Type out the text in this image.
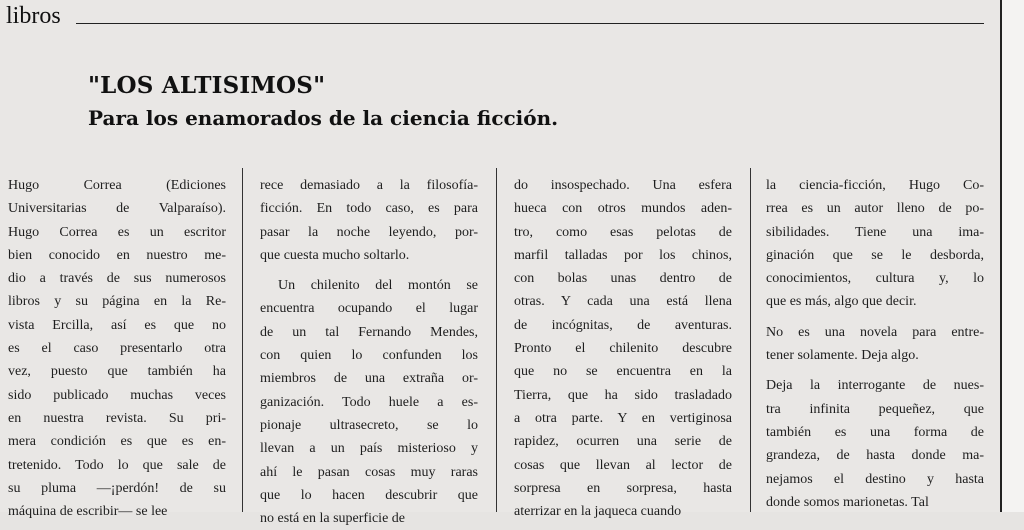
libros
"LOS ALTISIMOS"
Para los enamorados de la ciencia ficción.
Hugo Correa (Ediciones
Universitarias de Valparaíso).
Hugo Correa es un escritor
bien conocido en nuestro me-
dio a través de sus numerosos
libros y su página en la Re-
vista Ercilla, así es que no
es el caso presentarlo otra
vez, puesto que también ha
sido publicado muchas veces
en nuestra revista. Su pri-
mera condición es que es en-
tretenido. Todo lo que sale de
su pluma —¡perdón! de su
máquina de escribir— se lee
rece demasiado a la filosofía-
ficción. En todo caso, es para
pasar la noche leyendo, por-
que cuesta mucho soltarlo.
Un chilenito del montón se
encuentra ocupando el lugar
de un tal Fernando Mendes,
con quien lo confunden los
miembros de una extraña or-
ganización. Todo huele a es-
pionaje ultrasecreto, se lo
llevan a un país misterioso y
ahí le pasan cosas muy raras
que lo hacen descubrir que
no está en la superficie de
do insospechado. Una esfera
hueca con otros mundos aden-
tro, como esas pelotas de
marfil talladas por los chinos,
con bolas unas dentro de
otras. Y cada una está llena
de incógnitas, de aventuras.
Pronto el chilenito descubre
que no se encuentra en la
Tierra, que ha sido trasladado
a otra parte. Y en vertiginosa
rapidez, ocurren una serie de
cosas que llevan al lector de
sorpresa en sorpresa, hasta
aterrizar en la jaqueca cuando
la ciencia-ficción, Hugo Co-
rrea es un autor lleno de po-
sibilidades. Tiene una ima-
ginación que se le desborda,
conocimientos, cultura y, lo
que es más, algo que decir.
No es una novela para entre-
tener solamente. Deja algo.
Deja la interrogante de nues-
tra infinita pequeñez, que
también es una forma de
grandeza, de hasta donde ma-
nejamos el destino y hasta
donde somos marionetas. Tal
